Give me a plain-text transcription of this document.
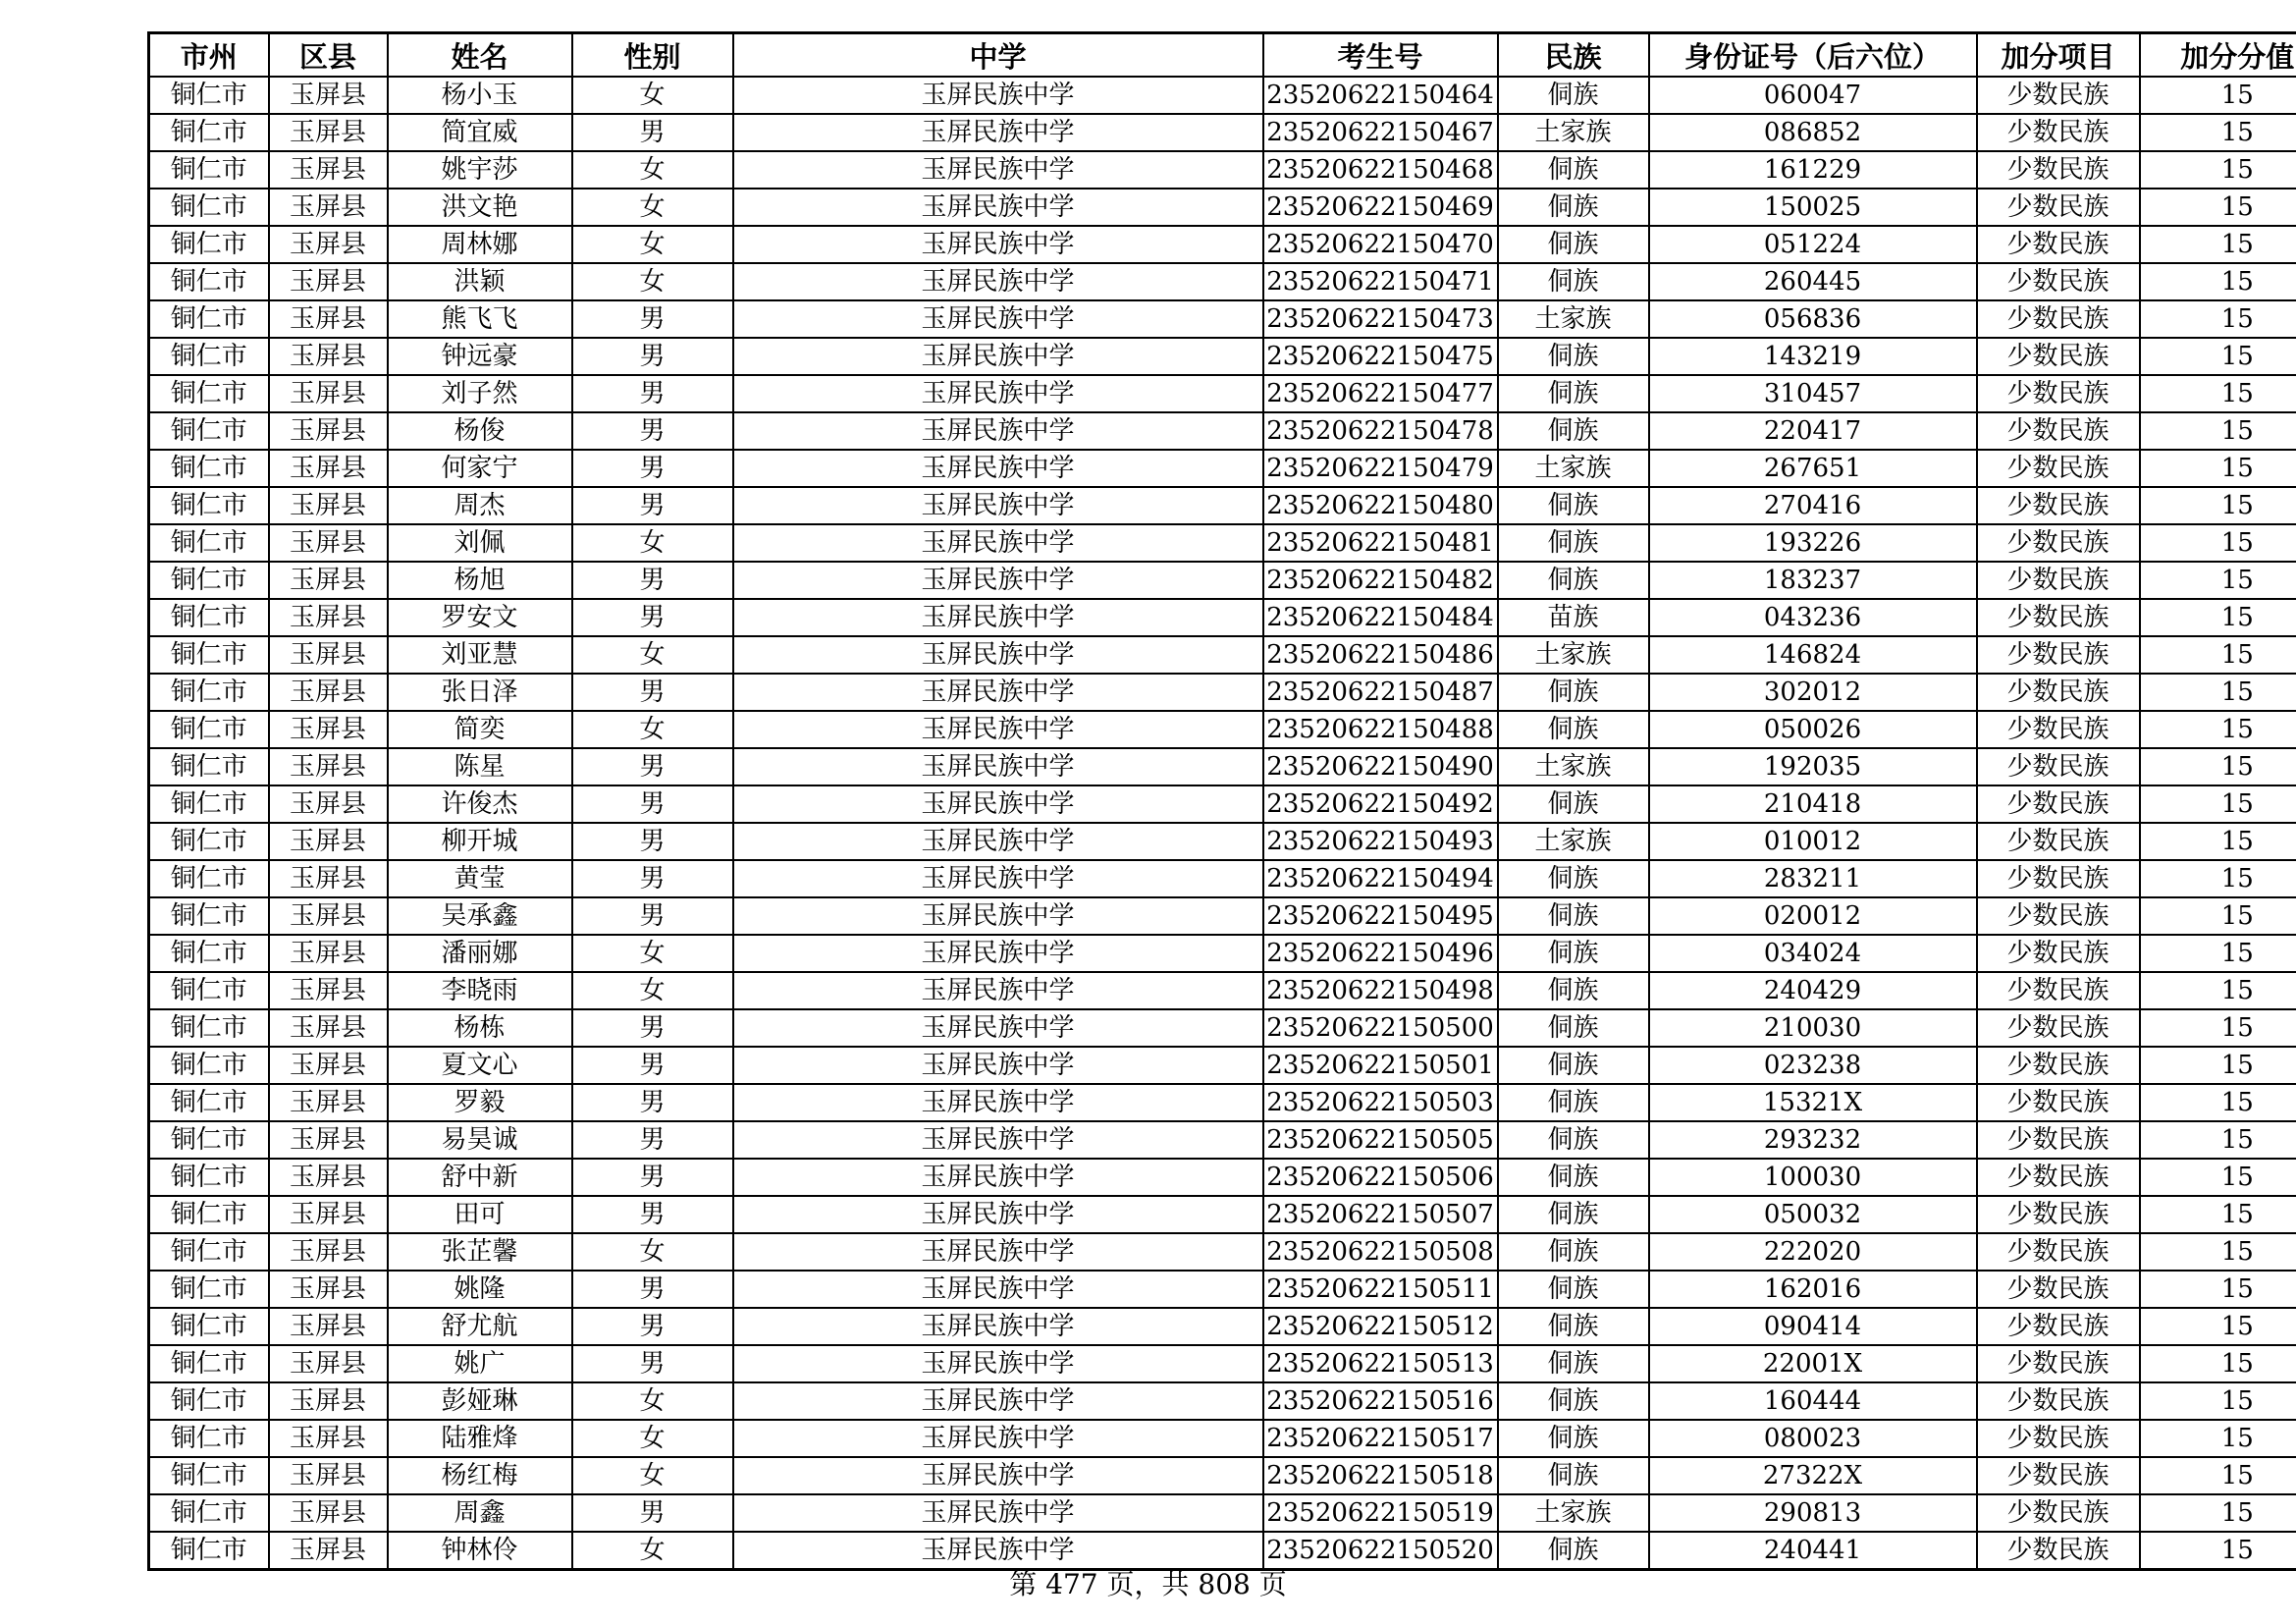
市州	区县	姓名	性别	中学	考生号	民族	身份证号（后六位）	加分项目	加分分值
铜仁市	玉屏县	杨小玉	女	玉屏民族中学	23520622150464	侗族	060047	少数民族	15
铜仁市	玉屏县	简宜威	男	玉屏民族中学	23520622150467	土家族	086852	少数民族	15
铜仁市	玉屏县	姚宇莎	女	玉屏民族中学	23520622150468	侗族	161229	少数民族	15
铜仁市	玉屏县	洪文艳	女	玉屏民族中学	23520622150469	侗族	150025	少数民族	15
铜仁市	玉屏县	周林娜	女	玉屏民族中学	23520622150470	侗族	051224	少数民族	15
铜仁市	玉屏县	洪颖	女	玉屏民族中学	23520622150471	侗族	260445	少数民族	15
铜仁市	玉屏县	熊飞飞	男	玉屏民族中学	23520622150473	土家族	056836	少数民族	15
铜仁市	玉屏县	钟远豪	男	玉屏民族中学	23520622150475	侗族	143219	少数民族	15
铜仁市	玉屏县	刘子然	男	玉屏民族中学	23520622150477	侗族	310457	少数民族	15
铜仁市	玉屏县	杨俊	男	玉屏民族中学	23520622150478	侗族	220417	少数民族	15
铜仁市	玉屏县	何家宁	男	玉屏民族中学	23520622150479	土家族	267651	少数民族	15
铜仁市	玉屏县	周杰	男	玉屏民族中学	23520622150480	侗族	270416	少数民族	15
铜仁市	玉屏县	刘佩	女	玉屏民族中学	23520622150481	侗族	193226	少数民族	15
铜仁市	玉屏县	杨旭	男	玉屏民族中学	23520622150482	侗族	183237	少数民族	15
铜仁市	玉屏县	罗安文	男	玉屏民族中学	23520622150484	苗族	043236	少数民族	15
铜仁市	玉屏县	刘亚慧	女	玉屏民族中学	23520622150486	土家族	146824	少数民族	15
铜仁市	玉屏县	张日泽	男	玉屏民族中学	23520622150487	侗族	302012	少数民族	15
铜仁市	玉屏县	简奕	女	玉屏民族中学	23520622150488	侗族	050026	少数民族	15
铜仁市	玉屏县	陈星	男	玉屏民族中学	23520622150490	土家族	192035	少数民族	15
铜仁市	玉屏县	许俊杰	男	玉屏民族中学	23520622150492	侗族	210418	少数民族	15
铜仁市	玉屏县	柳开城	男	玉屏民族中学	23520622150493	土家族	010012	少数民族	15
铜仁市	玉屏县	黄莹	男	玉屏民族中学	23520622150494	侗族	283211	少数民族	15
铜仁市	玉屏县	吴承鑫	男	玉屏民族中学	23520622150495	侗族	020012	少数民族	15
铜仁市	玉屏县	潘丽娜	女	玉屏民族中学	23520622150496	侗族	034024	少数民族	15
铜仁市	玉屏县	李晓雨	女	玉屏民族中学	23520622150498	侗族	240429	少数民族	15
铜仁市	玉屏县	杨栋	男	玉屏民族中学	23520622150500	侗族	210030	少数民族	15
铜仁市	玉屏县	夏文心	男	玉屏民族中学	23520622150501	侗族	023238	少数民族	15
铜仁市	玉屏县	罗毅	男	玉屏民族中学	23520622150503	侗族	15321X	少数民族	15
铜仁市	玉屏县	易昊诚	男	玉屏民族中学	23520622150505	侗族	293232	少数民族	15
铜仁市	玉屏县	舒中新	男	玉屏民族中学	23520622150506	侗族	100030	少数民族	15
铜仁市	玉屏县	田可	男	玉屏民族中学	23520622150507	侗族	050032	少数民族	15
铜仁市	玉屏县	张芷馨	女	玉屏民族中学	23520622150508	侗族	222020	少数民族	15
铜仁市	玉屏县	姚隆	男	玉屏民族中学	23520622150511	侗族	162016	少数民族	15
铜仁市	玉屏县	舒尤航	男	玉屏民族中学	23520622150512	侗族	090414	少数民族	15
铜仁市	玉屏县	姚广	男	玉屏民族中学	23520622150513	侗族	22001X	少数民族	15
铜仁市	玉屏县	彭娅琳	女	玉屏民族中学	23520622150516	侗族	160444	少数民族	15
铜仁市	玉屏县	陆雅烽	女	玉屏民族中学	23520622150517	侗族	080023	少数民族	15
铜仁市	玉屏县	杨红梅	女	玉屏民族中学	23520622150518	侗族	27322X	少数民族	15
铜仁市	玉屏县	周鑫	男	玉屏民族中学	23520622150519	土家族	290813	少数民族	15
铜仁市	玉屏县	钟林伶	女	玉屏民族中学	23520622150520	侗族	240441	少数民族	15
第 477 页，共 808 页
